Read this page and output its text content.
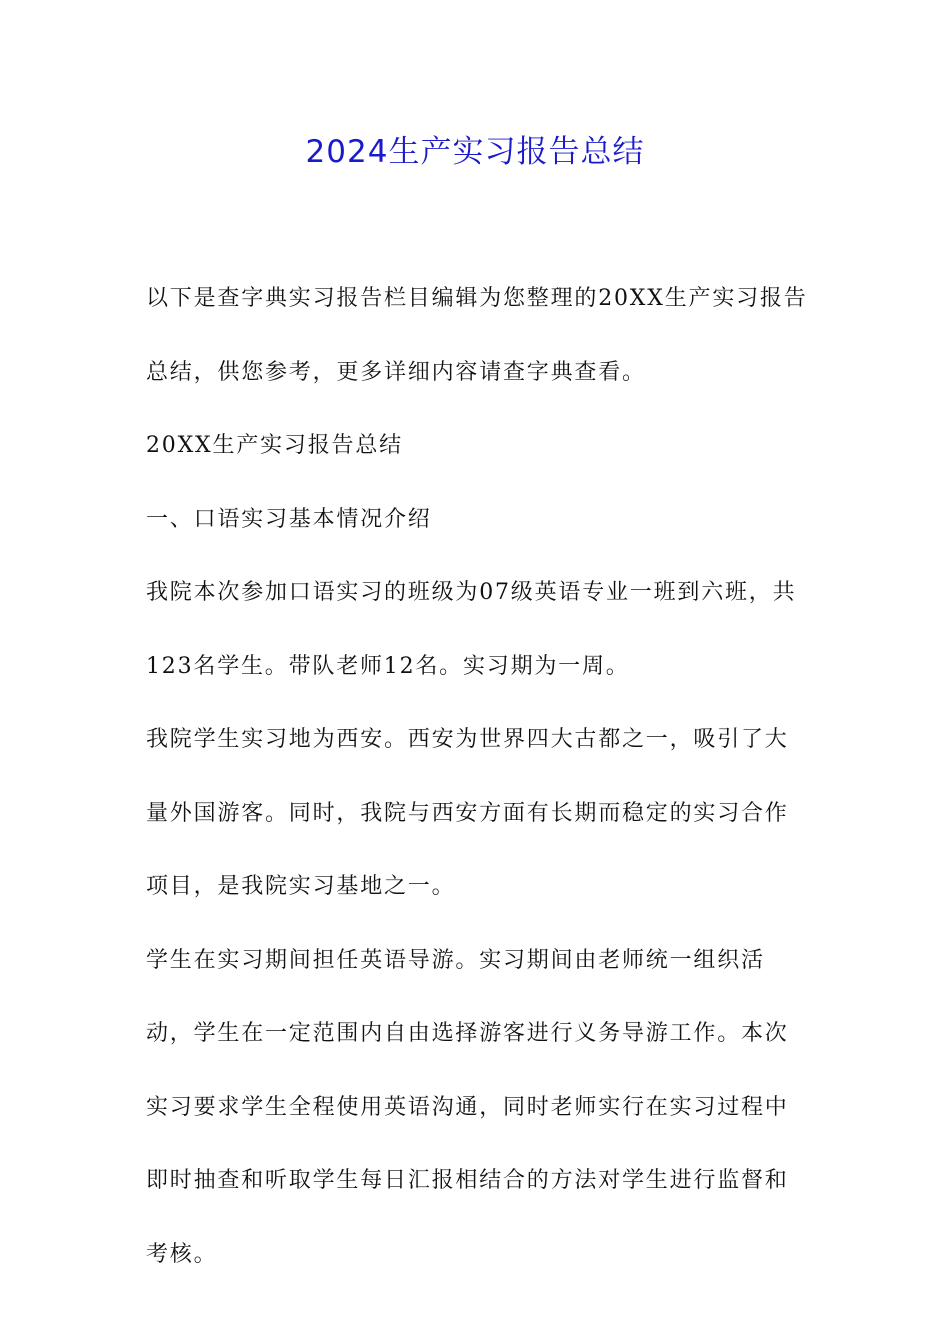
2024生产实习报告总结

以下是查字典实习报告栏目编辑为您整理的20XX生产实习报告总结，供您参考，更多详细内容请查字典查看。

20XX生产实习报告总结

一、口语实习基本情况介绍

我院本次参加口语实习的班级为07级英语专业一班到六班，共123名学生。带队老师12名。实习期为一周。

我院学生实习地为西安。西安为世界四大古都之一，吸引了大量外国游客。同时，我院与西安方面有长期而稳定的实习合作项目，是我院实习基地之一。

学生在实习期间担任英语导游。实习期间由老师统一组织活动，学生在一定范围内自由选择游客进行义务导游工作。本次实习要求学生全程使用英语沟通，同时老师实行在实习过程中即时抽查和听取学生每日汇报相结合的方法对学生进行监督和考核。
